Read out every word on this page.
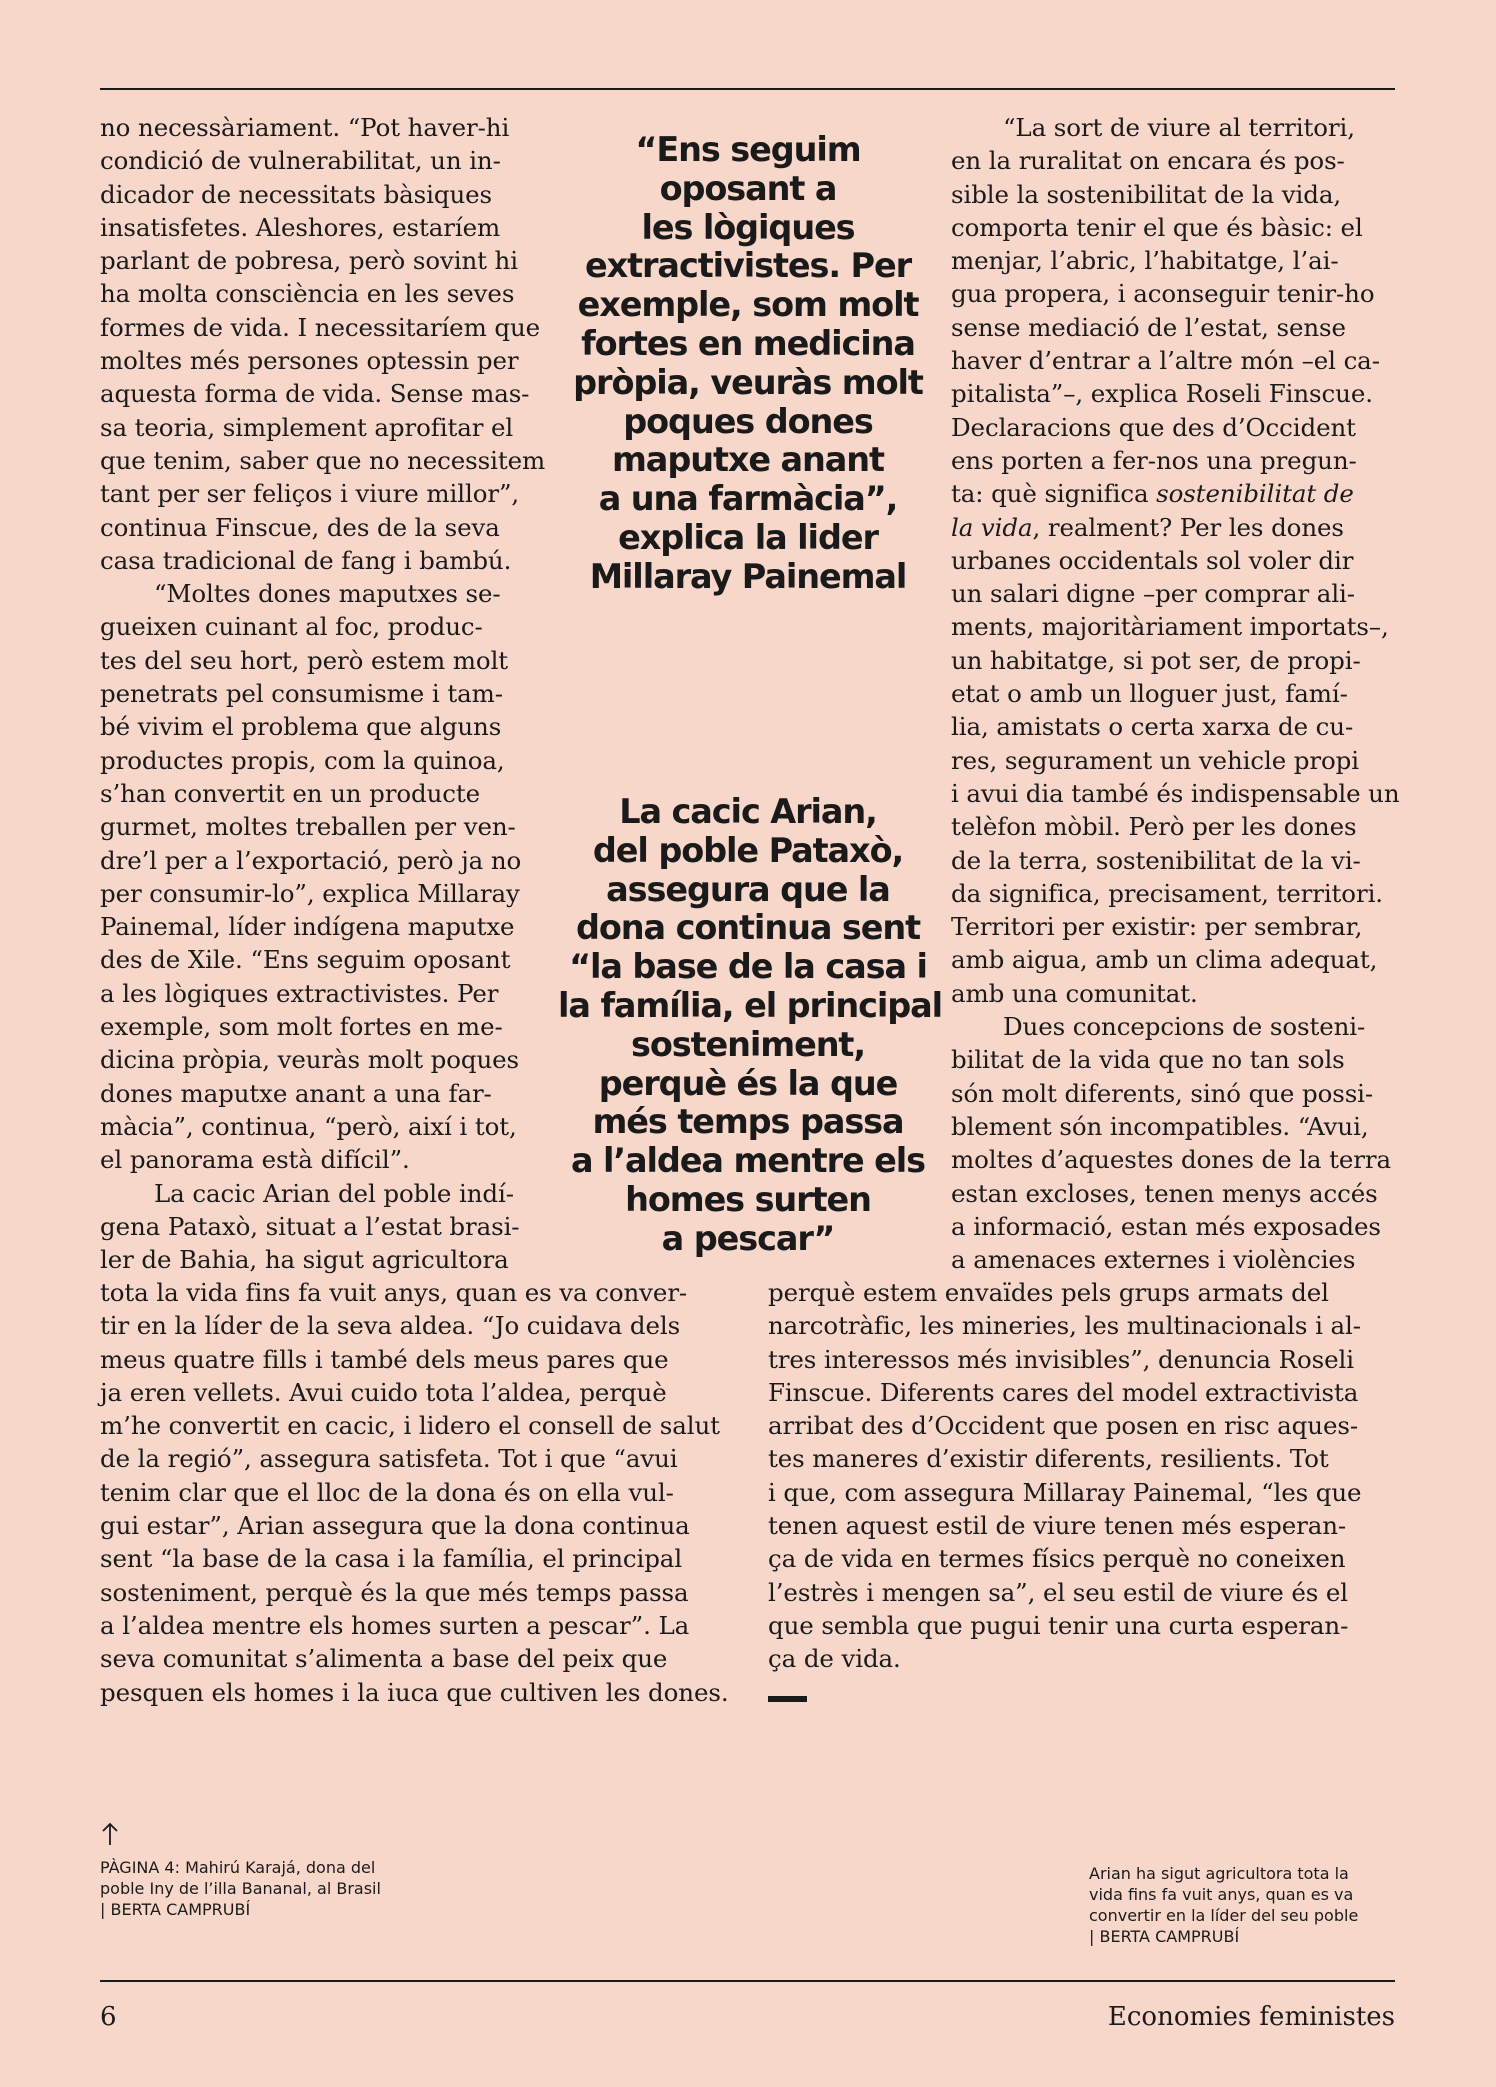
no necessàriament. “Pot haver-hi

condició de vulnerabilitat, un in-

dicador de necessitats bàsiques

insatisfetes. Aleshores, estaríem

parlant de pobresa, però sovint hi

ha molta consciència en les seves

formes de vida. I necessitaríem que

moltes més persones optessin per

aquesta forma de vida. Sense mas-

sa teoria, simplement aprofitar el

que tenim, saber que no necessitem

tant per ser feliços i viure millor”,

continua Finscue, des de la seva

casa tradicional de fang i bambú.

“Moltes dones maputxes se-

gueixen cuinant al foc, produc-

tes del seu hort, però estem molt

penetrats pel consumisme i tam-

bé vivim el problema que alguns

productes propis, com la quinoa,

s’han convertit en un producte

gurmet, moltes treballen per ven-

dre’l per a l’exportació, però ja no

per consumir-lo”, explica Millaray

Painemal, líder indígena maputxe

des de Xile. “Ens seguim oposant

a les lògiques extractivistes. Per

exemple, som molt fortes en me-

dicina pròpia, veuràs molt poques

dones maputxe anant a una far-

màcia”, continua, “però, així i tot,

el panorama està difícil”.

La cacic Arian del poble indí-

gena Pataxò, situat a l’estat brasi-

ler de Bahia, ha sigut agricultora

tota la vida fins fa vuit anys, quan es va conver-

tir en la líder de la seva aldea. “Jo cuidava dels

meus quatre fills i també dels meus pares que

ja eren vellets. Avui cuido tota l’aldea, perquè

m’he convertit en cacic, i lidero el consell de salut

de la regió”, assegura satisfeta. Tot i que “avui

tenim clar que el lloc de la dona és on ella vul-

gui estar”, Arian assegura que la dona continua

sent “la base de la casa i la família, el principal

sosteniment, perquè és la que més temps passa

a l’aldea mentre els homes surten a pescar”. La

seva comunitat s’alimenta a base del peix que

pesquen els homes i la iuca que cultiven les dones.

“La sort de viure al territori,

en la ruralitat on encara és pos-

sible la sostenibilitat de la vida,

comporta tenir el que és bàsic: el

menjar, l’abric, l’habitatge, l’ai-

gua propera, i aconseguir tenir-ho

sense mediació de l’estat, sense

haver d’entrar a l’altre món –el ca-

pitalista”–, explica Roseli Finscue.

Declaracions que des d’Occident

ens porten a fer-nos una pregun-

ta: què significa sostenibilitat de

la vida, realment? Per les dones

urbanes occidentals sol voler dir

un salari digne –per comprar ali-

ments, majoritàriament importats–,

un habitatge, si pot ser, de propi-

etat o amb un lloguer just, famí-

lia, amistats o certa xarxa de cu-

res, segurament un vehicle propi

i avui dia també és indispensable un

telèfon mòbil. Però per les dones

de la terra, sostenibilitat de la vi-

da significa, precisament, territori.

Territori per existir: per sembrar,

amb aigua, amb un clima adequat,

amb una comunitat.

Dues concepcions de sosteni-

bilitat de la vida que no tan sols

són molt diferents, sinó que possi-

blement són incompatibles. “Avui,

moltes d’aquestes dones de la terra

estan excloses, tenen menys accés

a informació, estan més exposades

a amenaces externes i violències

perquè estem envaïdes pels grups armats del

narcotràfic, les mineries, les multinacionals i al-

tres interessos més invisibles”, denuncia Roseli

Finscue. Diferents cares del model extractivista

arribat des d’Occident que posen en risc aques-

tes maneres d’existir diferents, resilients. Tot

i que, com assegura Millaray Painemal, “les que

tenen aquest estil de viure tenen més esperan-

ça de vida en termes físics perquè no coneixen

l’estrès i mengen sa”, el seu estil de viure és el

que sembla que pugui tenir una curta esperan-

ça de vida.

“Ens seguim

oposant a

les lògiques

extractivistes. Per

exemple, som molt

fortes en medicina

pròpia, veuràs molt

poques dones

maputxe anant

a una farmàcia”,

explica la lider

Millaray Painemal

La cacic Arian,

del poble Pataxò,

assegura que la

dona continua sent

“la base de la casa i

la família, el principal

sosteniment,

perquè és la que

més temps passa

a l’aldea mentre els

homes surten

a pescar”

PÀGINA 4: Mahirú Karajá, dona del

poble Iny de l’illa Bananal, al Brasil

| BERTA CAMPRUBÍ

Arian ha sigut agricultora tota la

vida fins fa vuit anys, quan es va

convertir en la líder del seu poble

| BERTA CAMPRUBÍ

6	Economies feministes
